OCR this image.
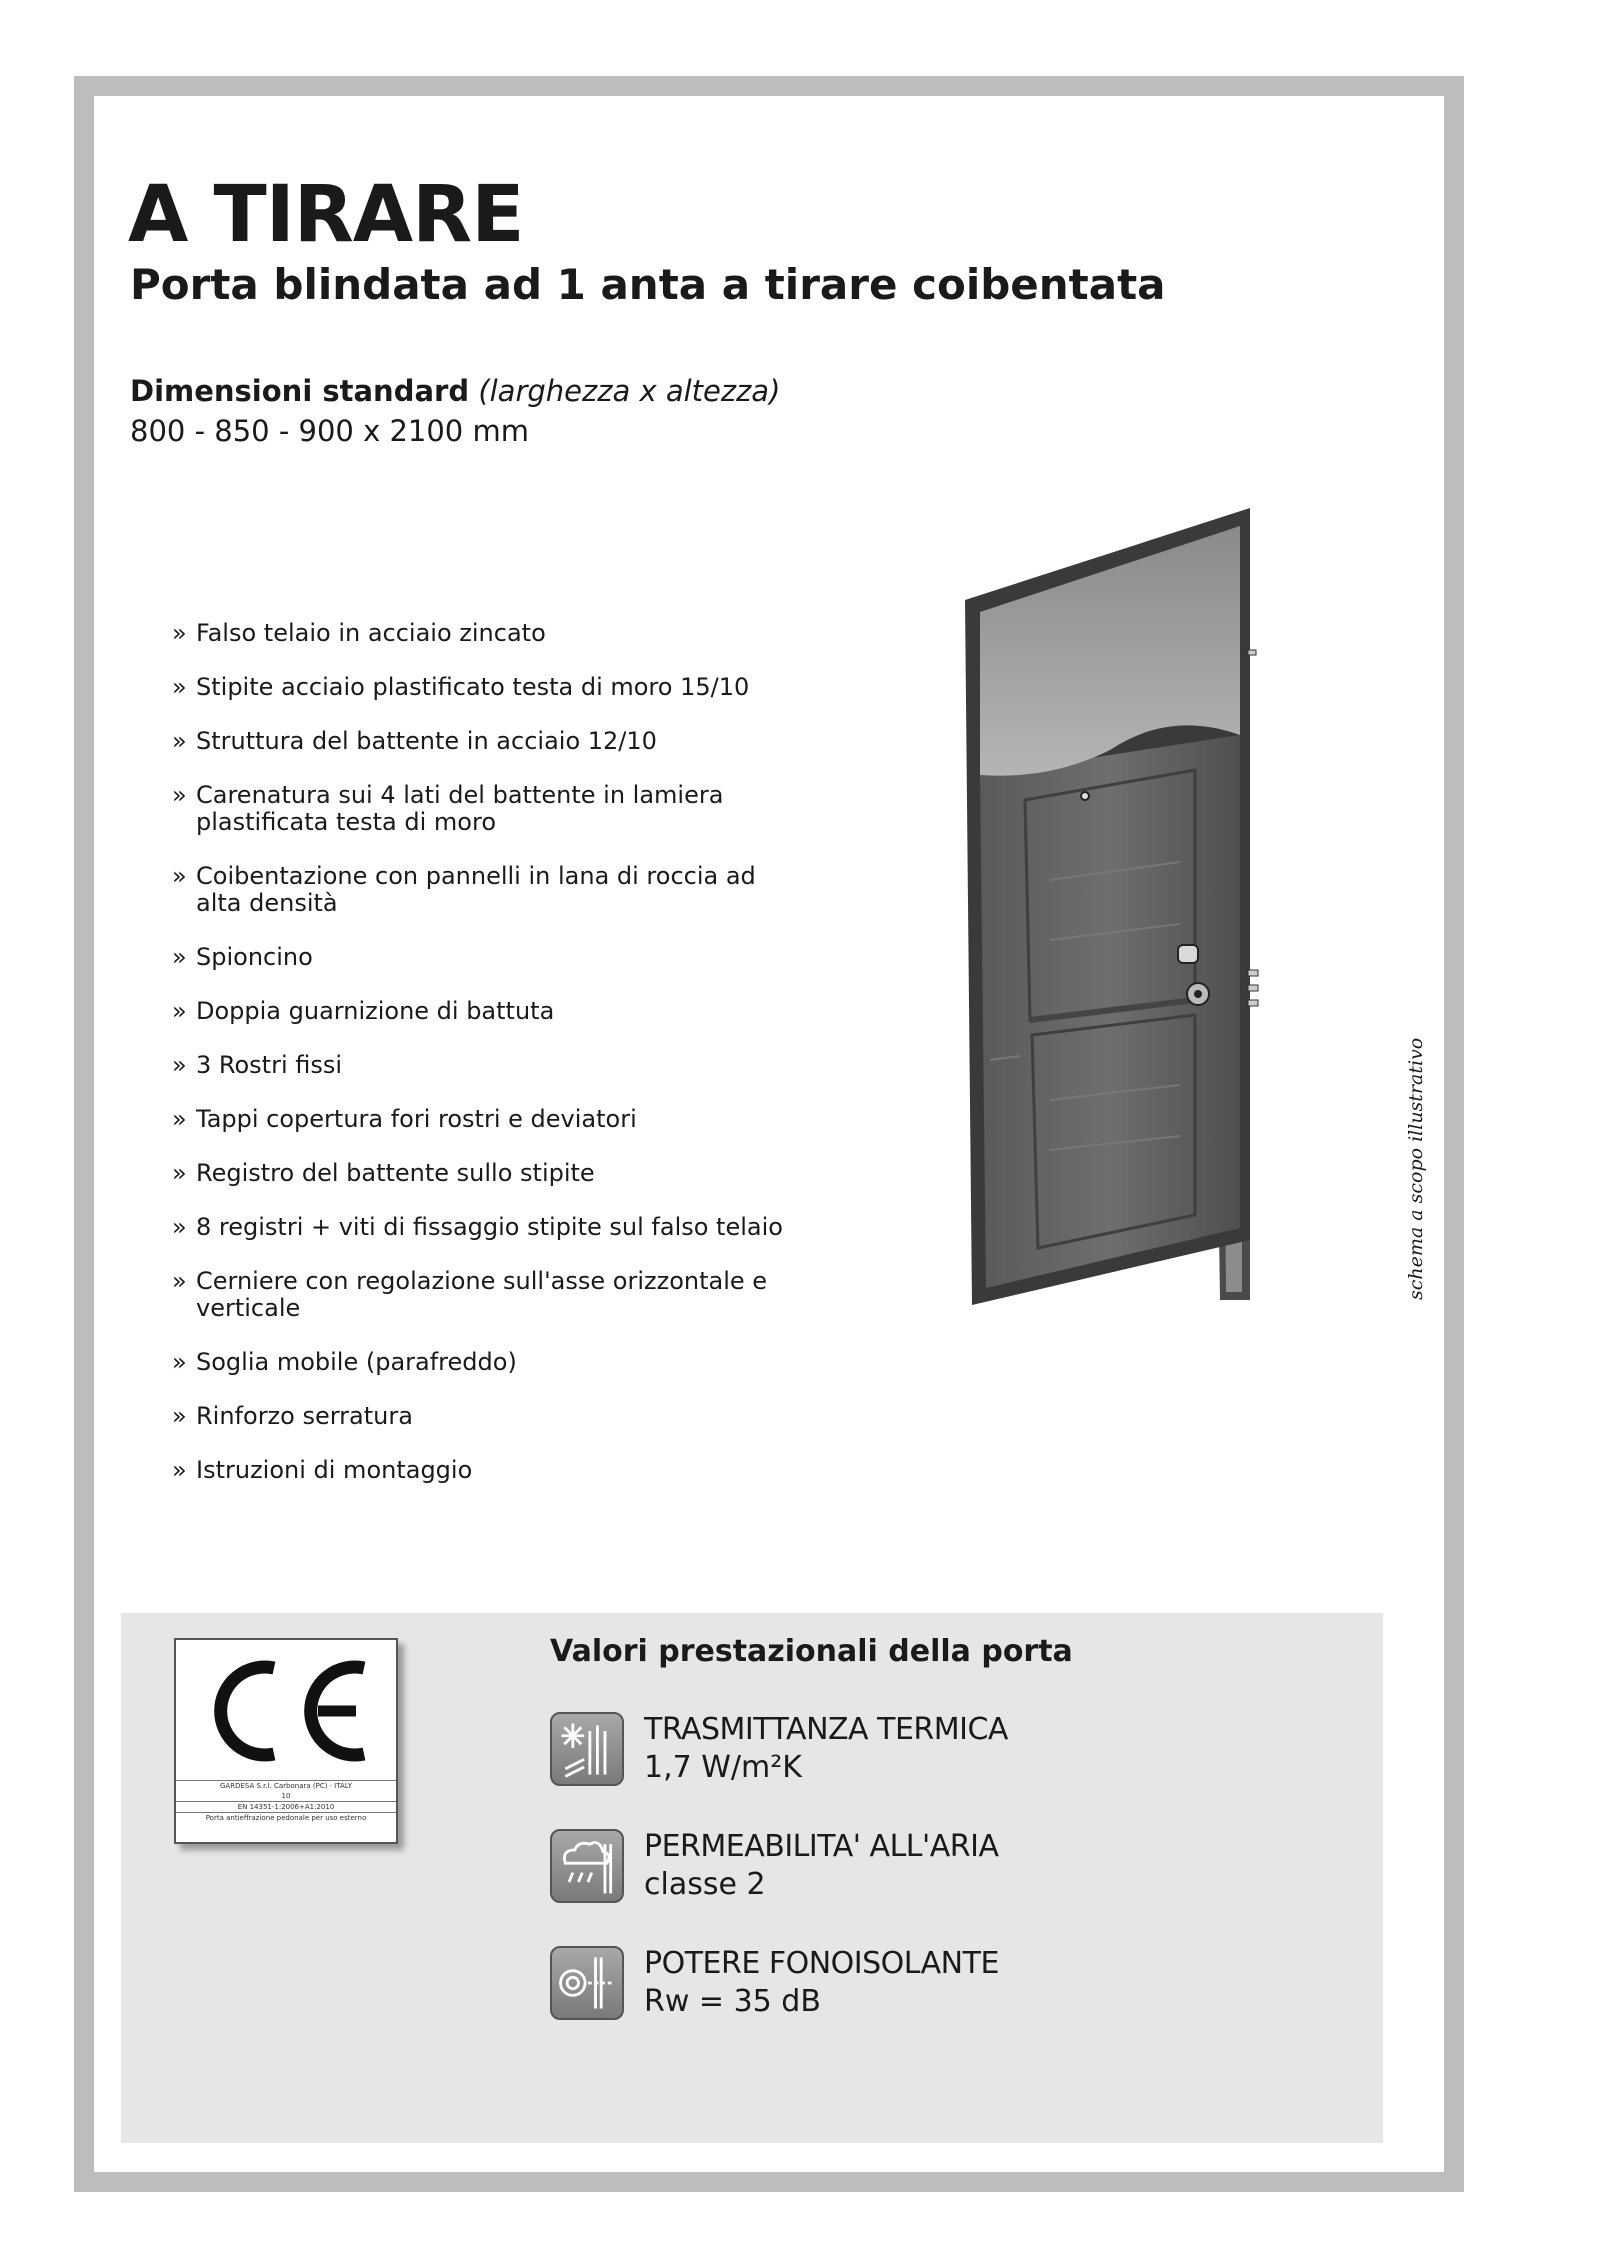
A TIRARE
Porta blindata ad 1 anta a tirare coibentata
Dimensioni standard (larghezza x altezza)
800 - 850 - 900 x 2100 mm
» Falso telaio in acciaio zincato
» Stipite acciaio plastificato testa di moro 15/10
» Struttura del battente in acciaio 12/10
» Carenatura sui 4 lati del battente in lamiera plastificata testa di moro
» Coibentazione con pannelli in lana di roccia ad alta densità
» Spioncino
» Doppia guarnizione di battuta
» 3 Rostri fissi
» Tappi copertura fori rostri e deviatori
» Registro del battente sullo stipite
» 8 registri + viti di fissaggio stipite sul falso telaio
» Cerniere con regolazione sull'asse orizzontale e verticale
» Soglia mobile (parafreddo)
» Rinforzo serratura
» Istruzioni di montaggio
schema a scopo illustrativo
GARDESA S.r.l. Carbonara (PC) · ITALY
10
EN 14351-1:2006+A1:2010
Porta antieffrazione pedonale per uso esterno
Valori prestazionali della porta
TRASMITTANZA TERMICA
1,7 W/m²K
PERMEABILITA' ALL'ARIA
classe 2
POTERE FONOISOLANTE
Rw = 35 dB
